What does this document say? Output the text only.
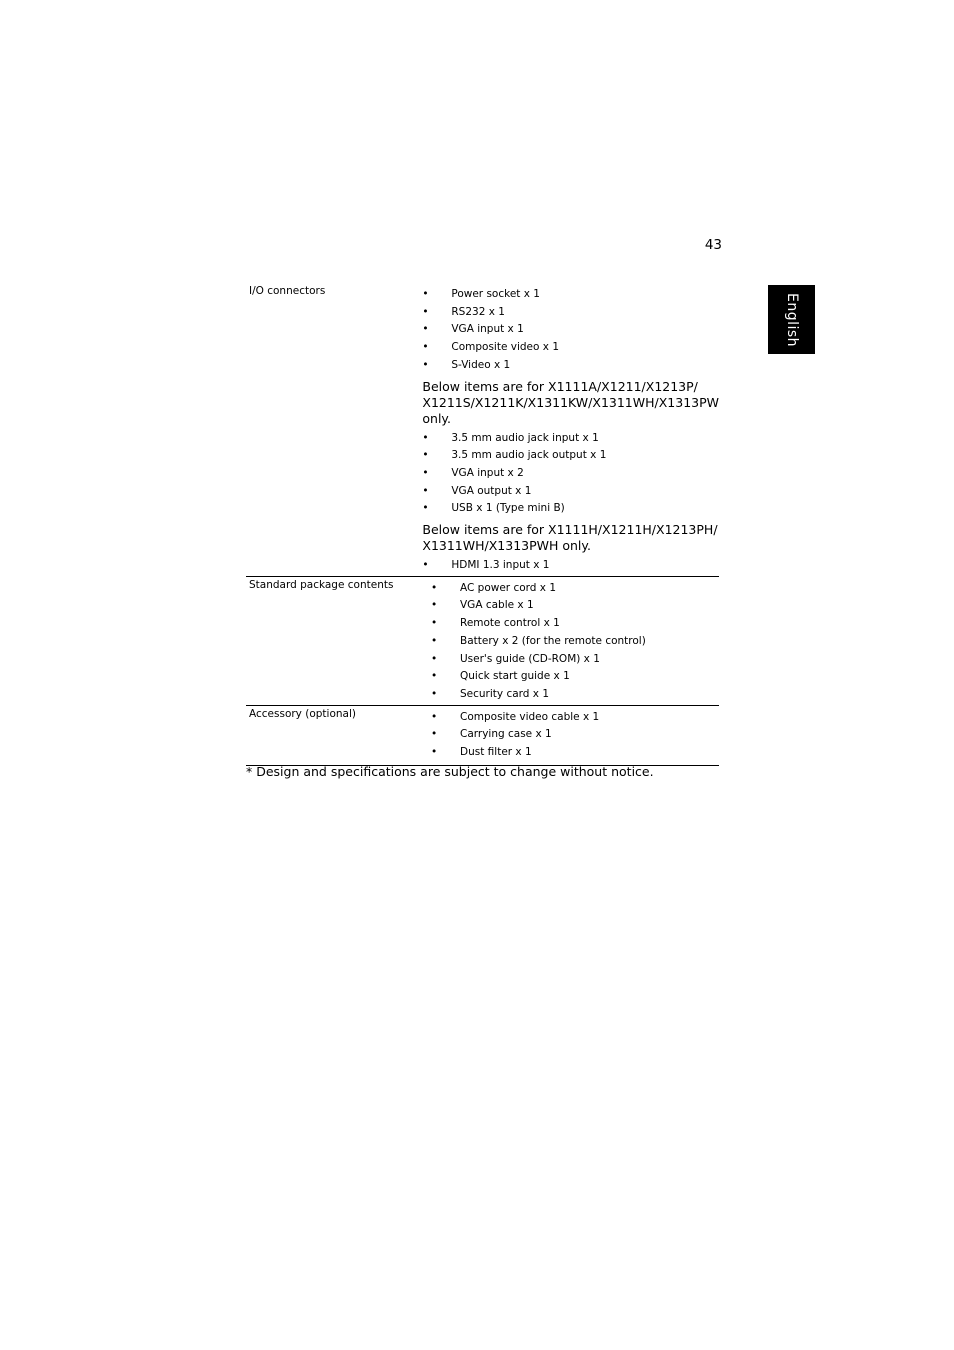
43
English
I/O connectors	• Power socket x 1
• RS232 x 1
• VGA input x 1
• Composite video x 1
• S-Video x 1
Below items are for X1111A/X1211/X1213P/ X1211S/X1211K/X1311KW/X1311WH/X1313PW only.
• 3.5 mm audio jack input x 1
• 3.5 mm audio jack output x 1
• VGA input x 2
• VGA output x 1
• USB x 1 (Type mini B)
Below items are for X1111H/X1211H/X1213PH/ X1311WH/X1313PWH only.
• HDMI 1.3 input x 1
Standard package contents	• AC power cord x 1
• VGA cable x 1
• Remote control x 1
• Battery x 2 (for the remote control)
• User's guide (CD-ROM) x 1
• Quick start guide x 1
• Security card x 1
Accessory (optional)	• Composite video cable x 1
• Carrying case x 1
• Dust filter x 1
* Design and specifications are subject to change without notice.
